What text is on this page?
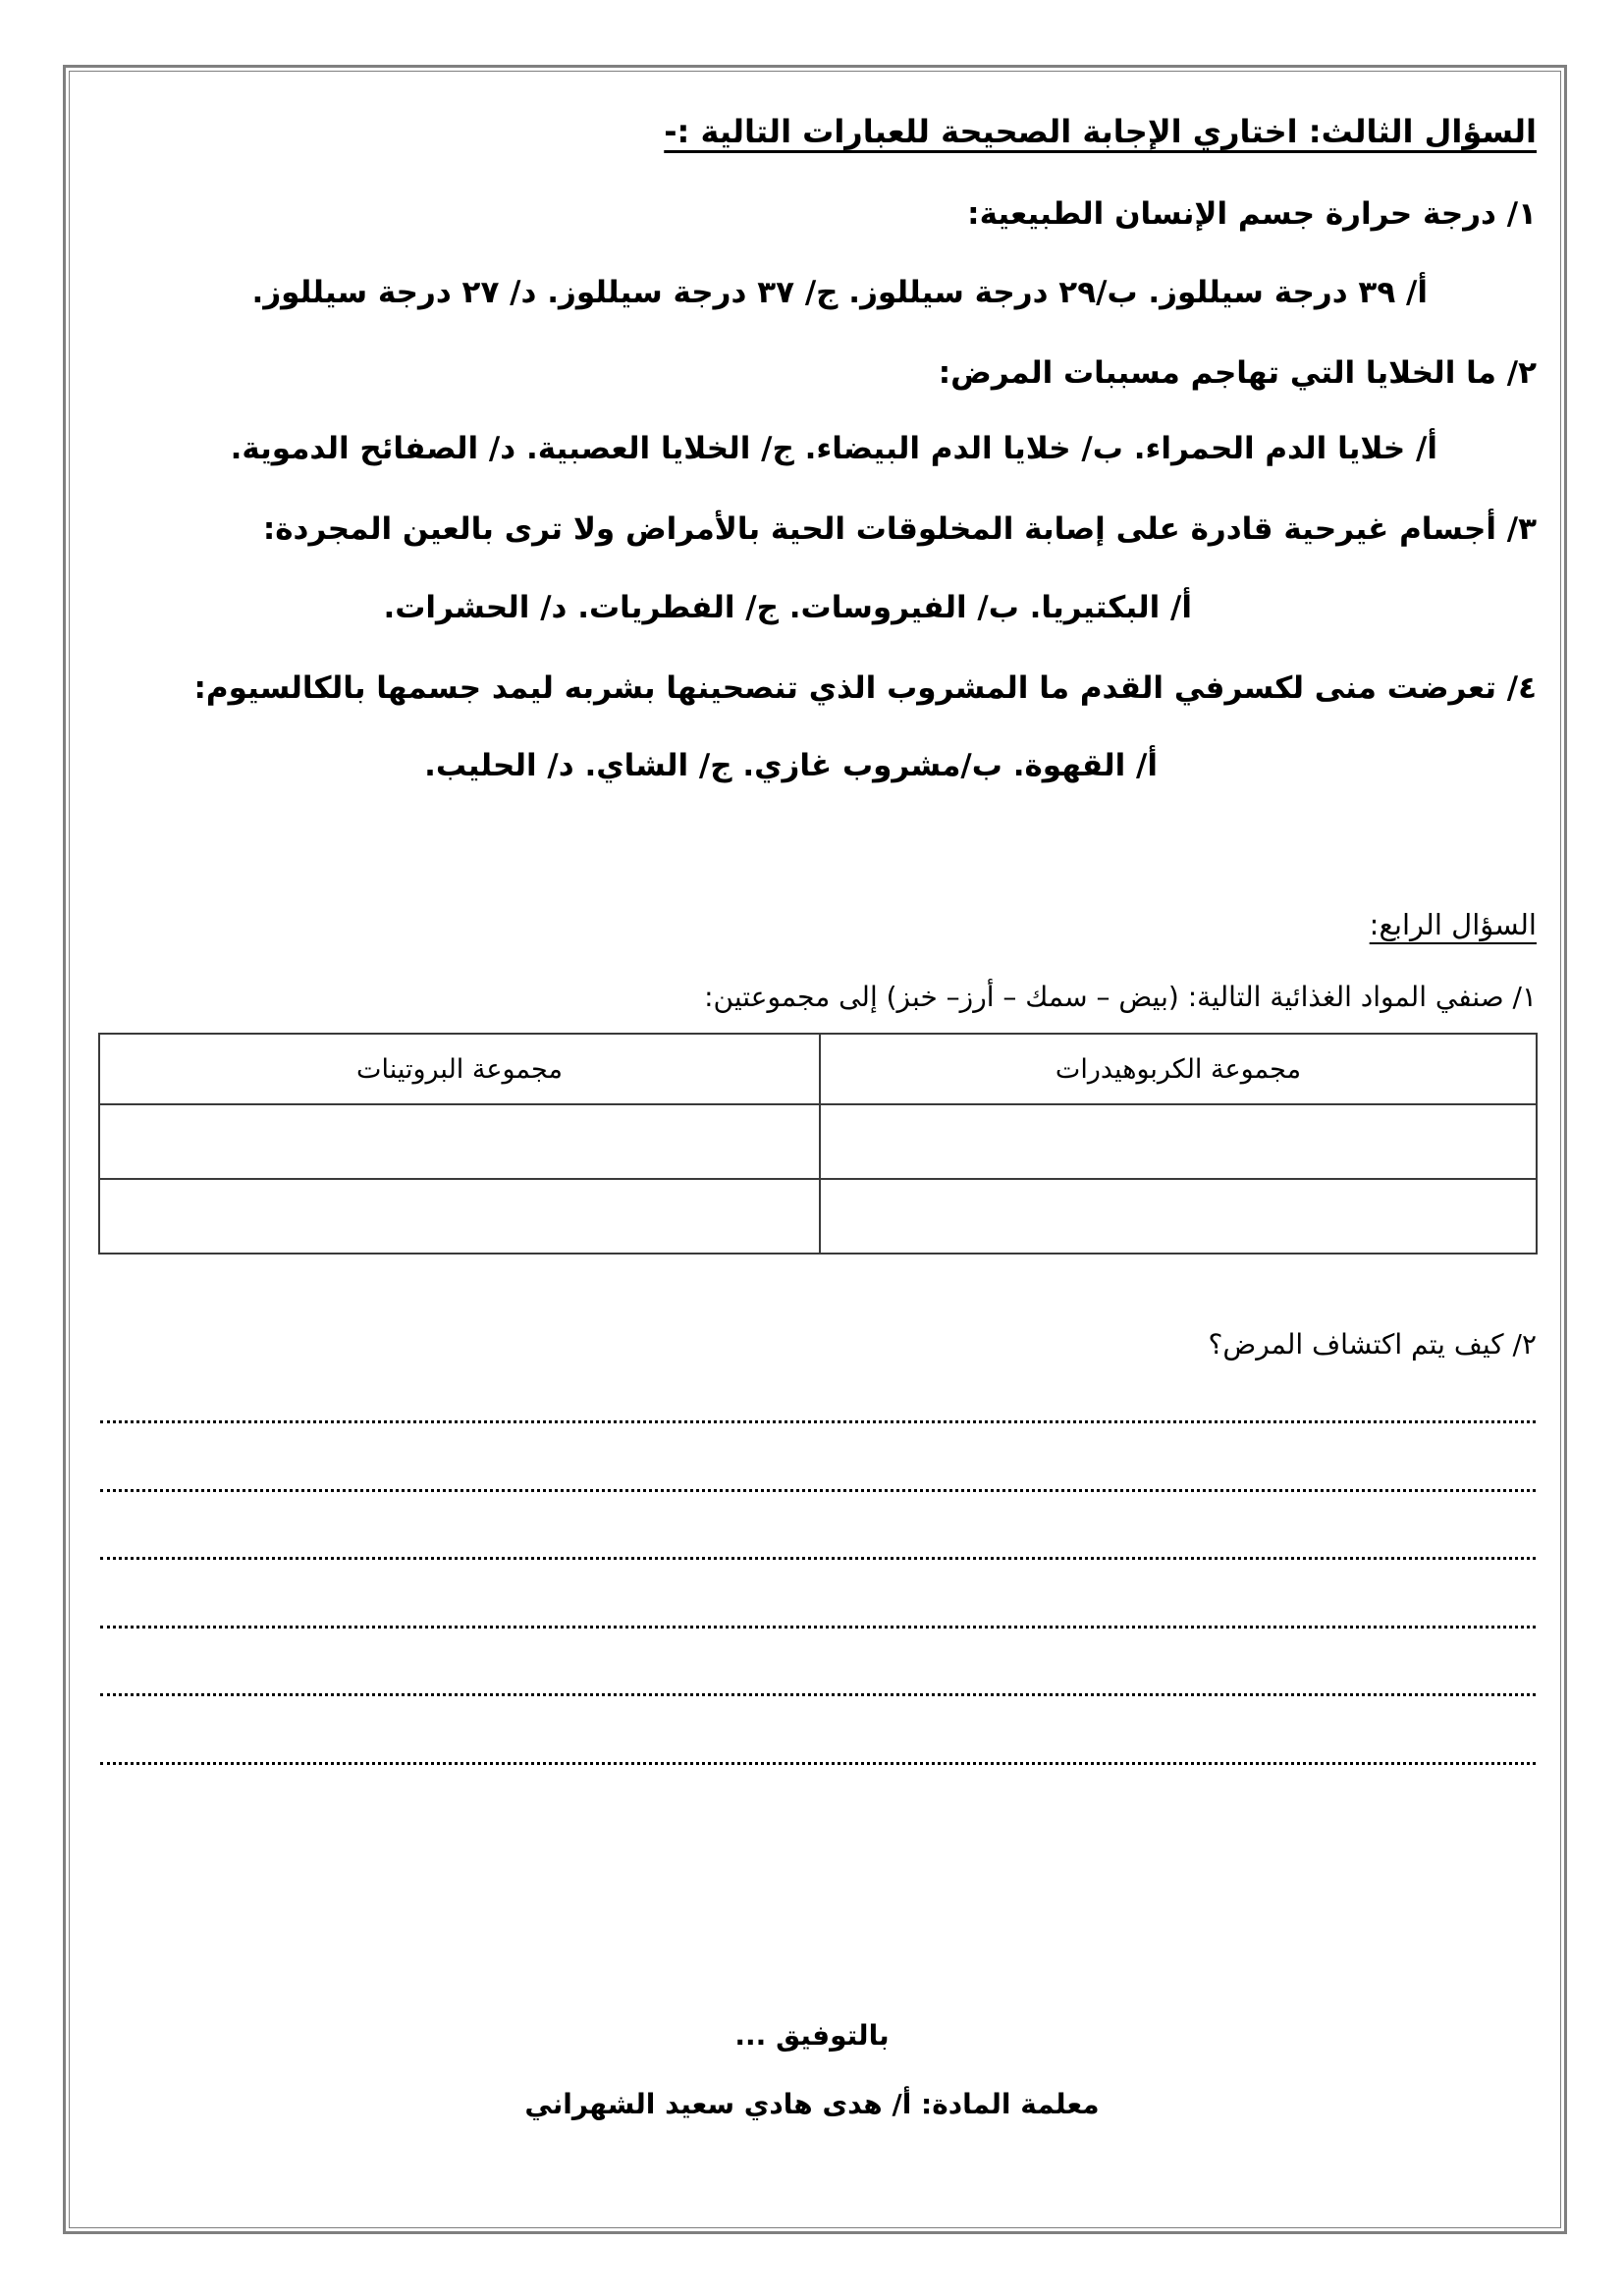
السؤال الثالث: اختاري الإجابة الصحيحة للعبارات التالية :-
١/ درجة حرارة جسم الإنسان الطبيعية:
أ/ ٣٩ درجة سيللوز. ب/٢٩ درجة سيللوز. ج/ ٣٧ درجة سيللوز. د/ ٢٧ درجة سيللوز.
٢/ ما الخلايا التي تهاجم مسببات المرض:
أ/ خلايا الدم الحمراء. ب/ خلايا الدم البيضاء. ج/ الخلايا العصبية. د/ الصفائح الدموية.
٣/ أجسام غيرحية قادرة على إصابة المخلوقات الحية بالأمراض ولا ترى بالعين المجردة:
أ/ البكتيريا. ب/ الفيروسات. ج/ الفطريات. د/ الحشرات.
٤/ تعرضت منى لكسرفي القدم ما المشروب الذي تنصحينها بشربه ليمد جسمها بالكالسيوم:
أ/ القهوة. ب/مشروب غازي. ج/ الشاي. د/ الحليب.
السؤال الرابع:
١/ صنفي المواد الغذائية التالية: (بيض – سمك – أرز– خبز) إلى مجموعتين:
مجموعة الكربوهيدرات	مجموعة البروتينات

٢/ كيف يتم اكتشاف المرض؟
بالتوفيق ...
معلمة المادة: أ/ هدى هادي سعيد الشهراني
